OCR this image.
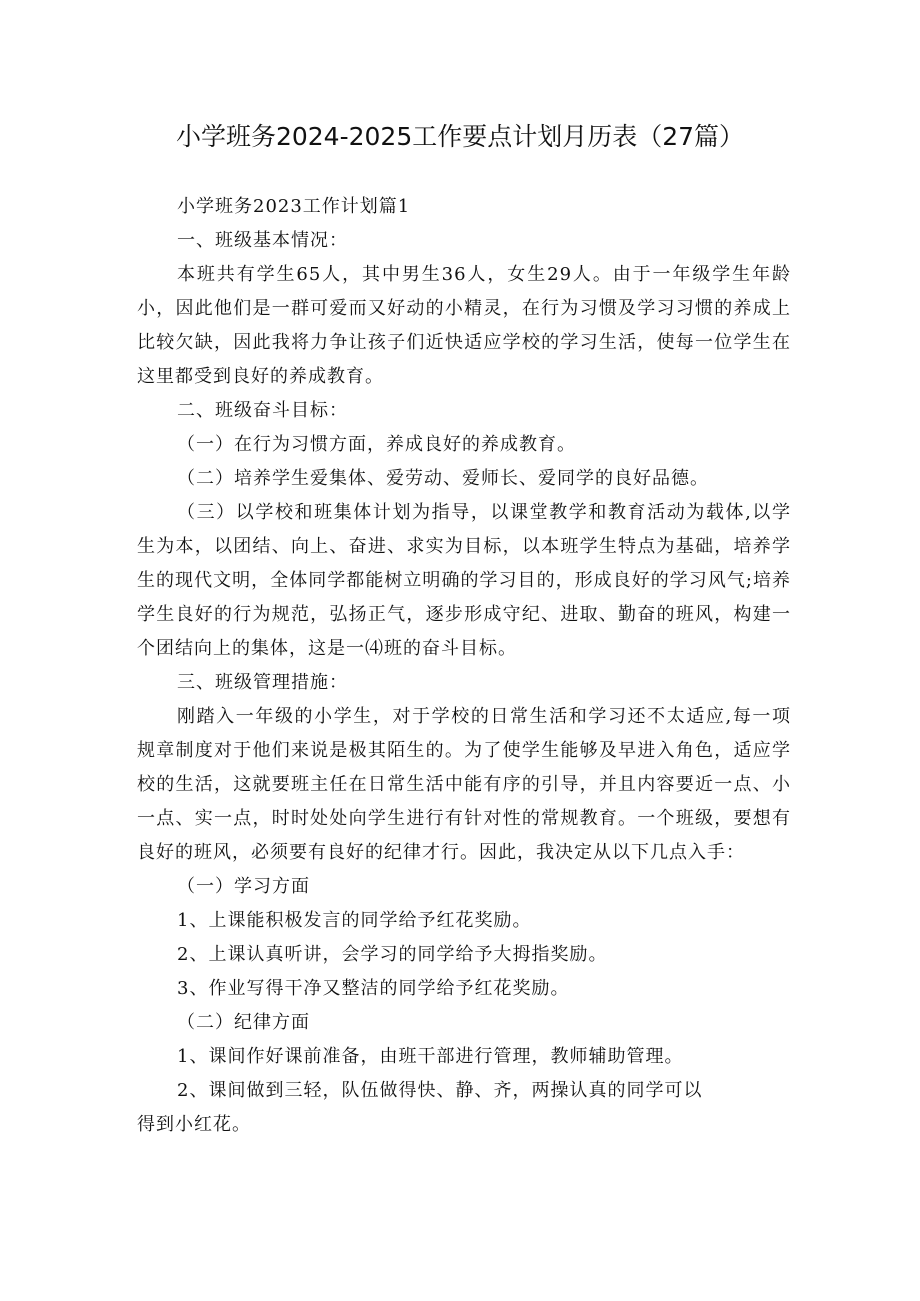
小学班务2024-2025工作要点计划月历表（27篇）

小学班务2023工作计划篇1

一、班级基本情况：

本班共有学生65人，其中男生36人，女生29人。由于一年级学生年龄小，因此他们是一群可爱而又好动的小精灵，在行为习惯及学习习惯的养成上比较欠缺，因此我将力争让孩子们近快适应学校的学习生活，使每一位学生在这里都受到良好的养成教育。

二、班级奋斗目标：

（一）在行为习惯方面，养成良好的养成教育。

（二）培养学生爱集体、爱劳动、爱师长、爱同学的良好品德。

（三）以学校和班集体计划为指导，以课堂教学和教育活动为载体,以学生为本，以团结、向上、奋进、求实为目标，以本班学生特点为基础，培养学生的现代文明，全体同学都能树立明确的学习目的，形成良好的学习风气;培养学生良好的行为规范，弘扬正气，逐步形成守纪、进取、勤奋的班风，构建一个团结向上的集体，这是一⑷班的奋斗目标。

三、班级管理措施：

刚踏入一年级的小学生，对于学校的日常生活和学习还不太适应,每一项规章制度对于他们来说是极其陌生的。为了使学生能够及早进入角色，适应学校的生活，这就要班主任在日常生活中能有序的引导，并且内容要近一点、小一点、实一点，时时处处向学生进行有针对性的常规教育。一个班级，要想有良好的班风，必须要有良好的纪律才行。因此，我决定从以下几点入手：

（一）学习方面

1、上课能积极发言的同学给予红花奖励。

2、上课认真听讲，会学习的同学给予大拇指奖励。

3、作业写得干净又整洁的同学给予红花奖励。

（二）纪律方面

1、课间作好课前准备，由班干部进行管理，教师辅助管理。

2、课间做到三轻，队伍做得快、静、齐，两操认真的同学可以

得到小红花。
